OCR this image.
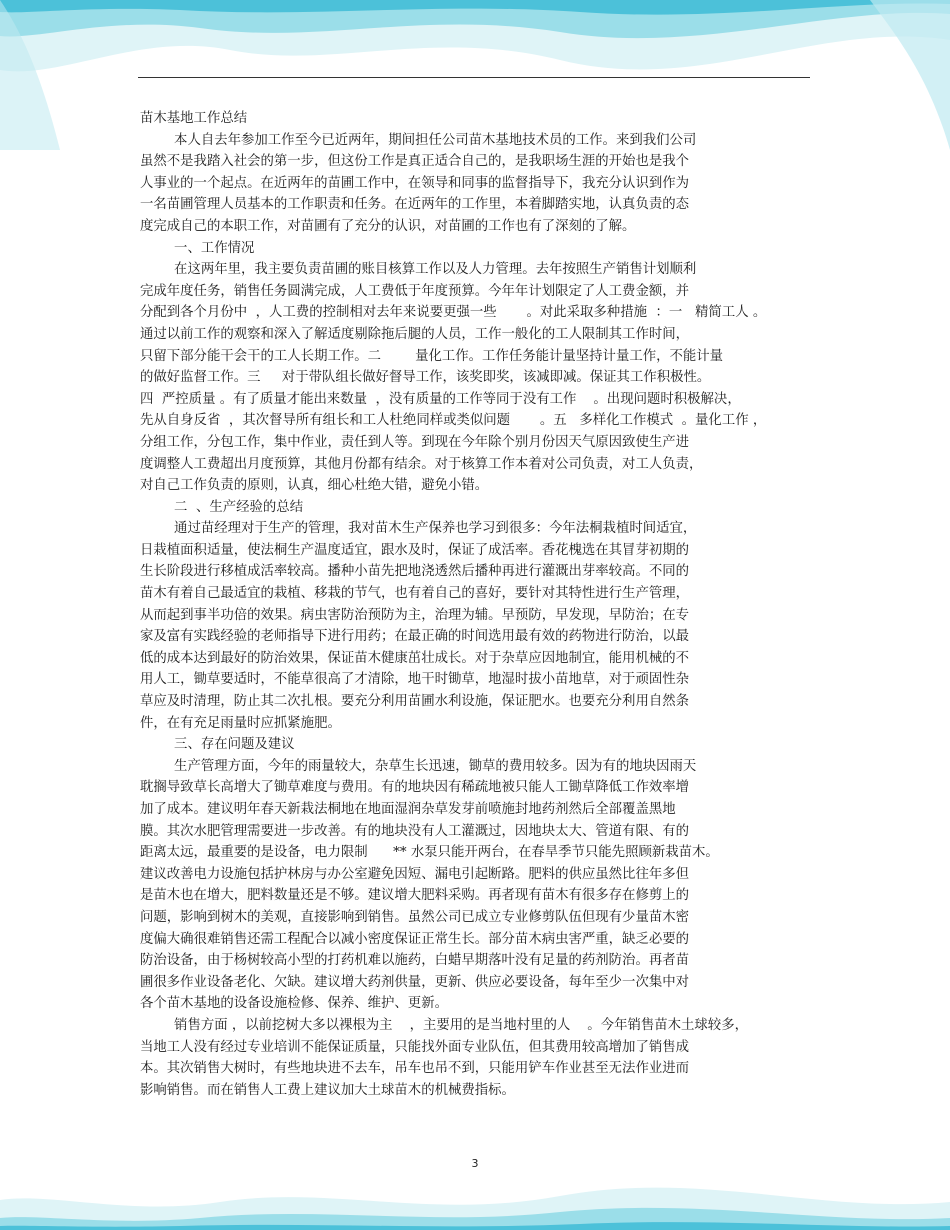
苗木基地工作总结
本人自去年参加工作至今已近两年，期间担任公司苗木基地技术员的工作。来到我们公司
虽然不是我踏入社会的第一步，但这份工作是真正适合自己的，是我职场生涯的开始也是我个
人事业的一个起点。在近两年的苗圃工作中，在领导和同事的监督指导下，我充分认识到作为
一名苗圃管理人员基本的工作职责和任务。在近两年的工作里，本着脚踏实地，认真负责的态
度完成自己的本职工作，对苗圃有了充分的认识，对苗圃的工作也有了深刻的了解。
一、工作情况
在这两年里，我主要负责苗圃的账目核算工作以及人力管理。去年按照生产销售计划顺利
完成年度任务，销售任务圆满完成，人工费低于年度预算。今年年计划限定了人工费金额，并
分配到各个月份中  ，人工费的控制相对去年来说要更强一些       。对此采取多种措施  ：一   精简工人 。
通过以前工作的观察和深入了解适度剔除拖后腿的人员，工作一般化的工人限制其工作时间，
只留下部分能干会干的工人长期工作。二        量化工作。工作任务能计量坚持计量工作，不能计量
的做好监督工作。三     对于带队组长做好督导工作，该奖即奖，该减即减。保证其工作积极性。
四  严控质量 。有了质量才能出来数量  ，没有质量的工作等同于没有工作    。出现问题时积极解决，
先从自身反省  ，其次督导所有组长和工人杜绝同样或类似问题       。五   多样化工作模式  。量化工作 ，
分组工作，分包工作，集中作业，责任到人等。到现在今年除个别月份因天气原因致使生产进
度调整人工费超出月度预算，其他月份都有结余。对于核算工作本着对公司负责，对工人负责，
对自己工作负责的原则，认真，细心杜绝大错，避免小错。
二  、生产经验的总结
通过苗经理对于生产的管理，我对苗木生产保养也学习到很多：今年法桐栽植时间适宜，
日栽植面积适量，使法桐生产温度适宜，跟水及时，保证了成活率。香花槐选在其冒芽初期的
生长阶段进行移植成活率较高。播种小苗先把地浇透然后播种再进行灌溉出芽率较高。不同的
苗木有着自己最适宜的栽植、移栽的节气，也有着自己的喜好，要针对其特性进行生产管理，
从而起到事半功倍的效果。病虫害防治预防为主，治理为辅。早预防，早发现，早防治；在专
家及富有实践经验的老师指导下进行用药；在最正确的时间选用最有效的药物进行防治，以最
低的成本达到最好的防治效果，保证苗木健康茁壮成长。对于杂草应因地制宜，能用机械的不
用人工，锄草要适时，不能草很高了才清除，地干时锄草，地湿时拔小苗地草，对于顽固性杂
草应及时清理，防止其二次扎根。要充分利用苗圃水利设施，保证肥水。也要充分利用自然条
件，在有充足雨量时应抓紧施肥。
三、存在问题及建议
生产管理方面，今年的雨量较大，杂草生长迅速，锄草的费用较多。因为有的地块因雨天
耽搁导致草长高增大了锄草难度与费用。有的地块因有稀疏地被只能人工锄草降低工作效率增
加了成本。建议明年春天新栽法桐地在地面湿润杂草发芽前喷施封地药剂然后全部覆盖黑地
膜。其次水肥管理需要进一步改善。有的地块没有人工灌溉过，因地块太大、管道有限、有的
距离太远，最重要的是设备，电力限制      ** 水泵只能开两台，在春旱季节只能先照顾新栽苗木。
建议改善电力设施包括护林房与办公室避免因短、漏电引起断路。肥料的供应虽然比往年多但
是苗木也在增大，肥料数量还是不够。建议增大肥料采购。再者现有苗木有很多存在修剪上的
问题，影响到树木的美观，直接影响到销售。虽然公司已成立专业修剪队伍但现有少量苗木密
度偏大确很难销售还需工程配合以减小密度保证正常生长。部分苗木病虫害严重，缺乏必要的
防治设备，由于杨树较高小型的打药机难以施药，白蜡早期落叶没有足量的药剂防治。再者苗
圃很多作业设备老化、欠缺。建议增大药剂供量，更新、供应必要设备，每年至少一次集中对
各个苗木基地的设备设施检修、保养、维护、更新。
销售方面 ，以前挖树大多以裸根为主    ，主要用的是当地村里的人    。今年销售苗木土球较多，
当地工人没有经过专业培训不能保证质量，只能找外面专业队伍，但其费用较高增加了销售成
本。其次销售大树时，有些地块进不去车，吊车也吊不到，只能用铲车作业甚至无法作业进而
影响销售。而在销售人工费上建议加大土球苗木的机械费指标。
3
